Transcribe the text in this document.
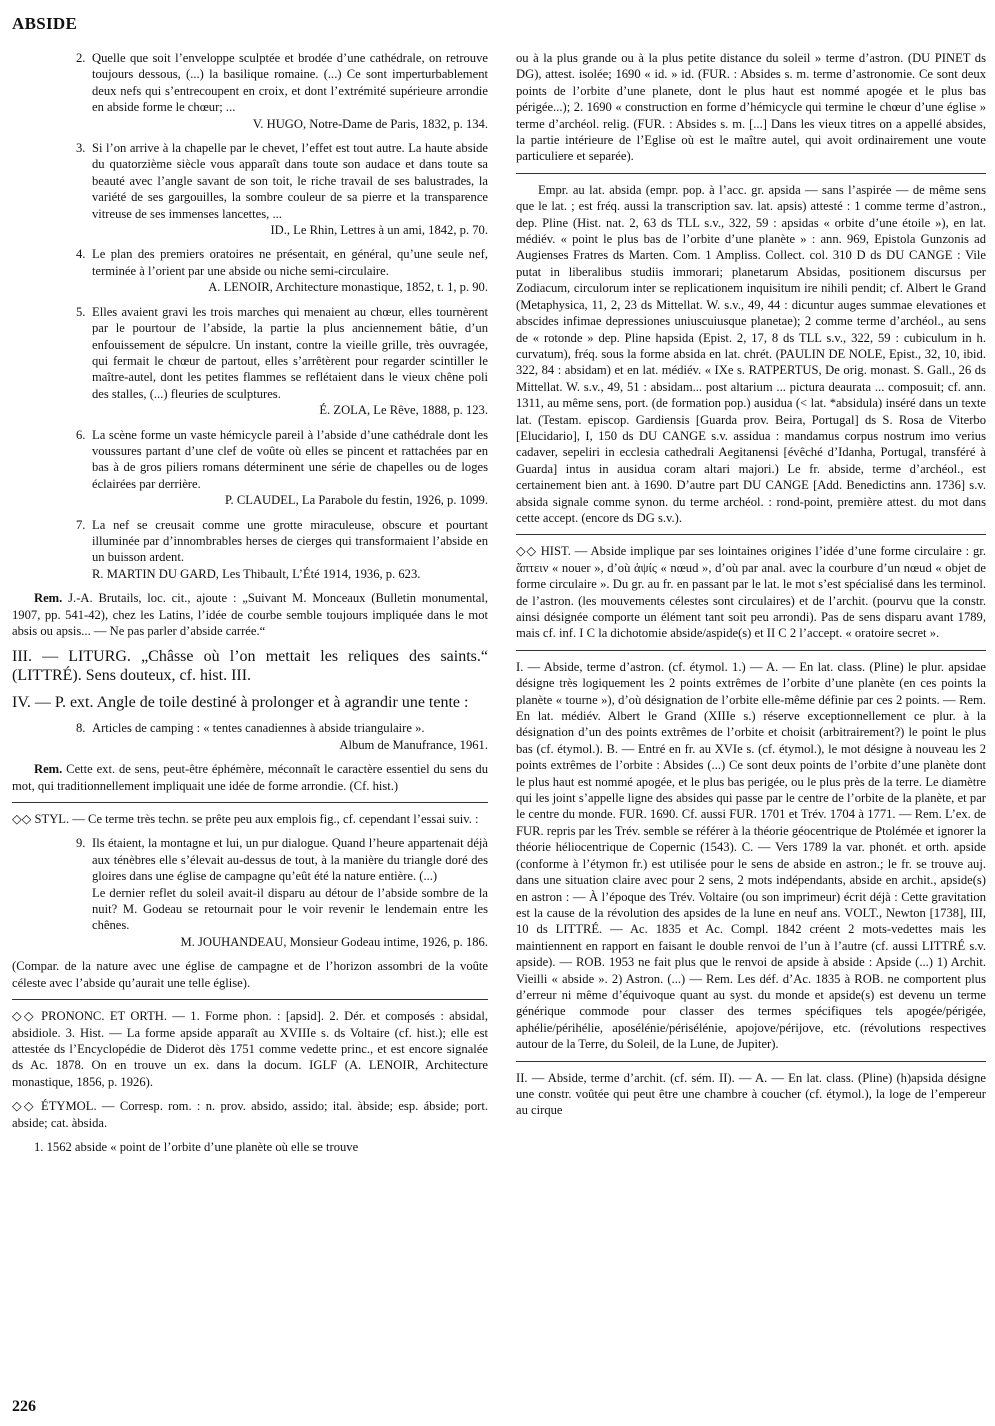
ABSIDE
2. Quelle que soit l’enveloppe sculptée et brodée d’une cathédrale, on retrouve toujours dessous, (...) la basilique romaine. (...) Ce sont imperturbablement deux nefs qui s’entrecoupent en croix, et dont l’extrémité supérieure arrondie en abside forme le chœur; ...

V. HUGO, Notre-Dame de Paris, 1832, p. 134.

3. Si l’on arrive à la chapelle par le chevet, l’effet est tout autre. La haute abside du quatorzième siècle vous apparaît dans toute son audace et dans toute sa beauté avec l’angle savant de son toit, le riche travail de ses balustrades, la variété de ses gargouilles, la sombre couleur de sa pierre et la transparence vitreuse de ses immenses lancettes, ...

ID., Le Rhin, Lettres à un ami, 1842, p. 70.

4. Le plan des premiers oratoires ne présentait, en général, qu’une seule nef, terminée à l’orient par une abside ou niche semi-circulaire.

A. LENOIR, Architecture monastique, 1852, t. 1, p. 90.

5. Elles avaient gravi les trois marches qui menaient au chœur, elles tournèrent par le pourtour de l’abside, la partie la plus anciennement bâtie, d’un enfouissement de sépulcre. Un instant, contre la vieille grille, très ouvragée, qui fermait le chœur de partout, elles s’arrêtèrent pour regarder scintiller le maître-autel, dont les petites flammes se reflétaient dans le vieux chêne poli des stalles, (...) fleuries de sculptures.

É. ZOLA, Le Rêve, 1888, p. 123.

6. La scène forme un vaste hémicycle pareil à l’abside d’une cathédrale dont les voussures partant d’une clef de voûte où elles se pincent et rattachées par en bas à de gros piliers romans déterminent une série de chapelles ou de loges éclairées par derrière.

P. CLAUDEL, La Parabole du festin, 1926, p. 1099.

7. La nef se creusait comme une grotte miraculeuse, obscure et pourtant illuminée par d’innombrables herses de cierges qui transformaient l’abside en un buisson ardent.

R. MARTIN DU GARD, Les Thibault, L’Été 1914, 1936, p. 623.

Rem. J.-A. Brutails, loc. cit., ajoute : „Suivant M. Monceaux (Bulletin monumental, 1907, pp. 541-42), chez les Latins, l’idée de courbe semble toujours impliquée dans le mot absis ou apsis... — Ne pas parler d’abside carrée.“

III. — LITURG. „Châsse où l’on mettait les reliques des saints.“ (LITTRÉ). Sens douteux, cf. hist. III.

IV. — P. ext. Angle de toile destiné à prolonger et à agrandir une tente :

8. Articles de camping : « tentes canadiennes à abside triangulaire ».

Album de Manufrance, 1961.

Rem. Cette ext. de sens, peut-être éphémère, méconnaît le caractère essentiel du sens du mot, qui traditionnellement impliquait une idée de forme arrondie. (Cf. hist.)

◇◇ STYL. — Ce terme très techn. se prête peu aux emplois fig., cf. cependant l’essai suiv. :

9. Ils étaient, la montagne et lui, un pur dialogue. Quand l’heure appartenait déjà aux ténèbres elle s’élevait au-dessus de tout, à la manière du triangle doré des gloires dans une église de campagne qu’eût été la nature entière. (...)

Le dernier reflet du soleil avait-il disparu au détour de l’abside sombre de la nuit? M. Godeau se retournait pour le voir revenir le lendemain entre les chênes.

M. JOUHANDEAU, Monsieur Godeau intime, 1926, p. 186.

(Compar. de la nature avec une église de campagne et de l’horizon assombri de la voûte céleste avec l’abside qu’aurait une telle église).

◇◇ PRONONC. ET ORTH. — 1. Forme phon. : [apsid]. 2. Dér. et composés : absidal, absidiole. 3. Hist. — La forme apside apparaît au XVIIIe s. ds Voltaire (cf. hist.); elle est attestée ds l’Encyclopédie de Diderot dès 1751 comme vedette princ., et est encore signalée ds Ac. 1878. On en trouve un ex. dans la docum. IGLF (A. LENOIR, Architecture monastique, 1856, p. 1926).

◇◇ ÉTYMOL. — Corresp. rom. : n. prov. absido, assido; ital. àbside; esp. ábside; port. abside; cat. àbsida.

1. 1562 abside « point de l’orbite d’une planète où elle se trouve

ou à la plus grande ou à la plus petite distance du soleil » terme d’astron. (DU PINET ds DG), attest. isolée; 1690 « id. » id. (FUR. : Absides s. m. terme d’astronomie. Ce sont deux points de l’orbite d’une planete, dont le plus haut est nommé apogée et le plus bas périgée...); 2. 1690 « construction en forme d’hémicycle qui termine le chœur d’une église » terme d’archéol. relig. (FUR. : Absides s. m. [...] Dans les vieux titres on a appellé absides, la partie intérieure de l’Eglise où est le maître autel, qui avoit ordinairement une voute particuliere et separée).

Empr. au lat. absida (empr. pop. à l’acc. gr. apsida — sans l’aspirée — de même sens que le lat. ; est fréq. aussi la transcription sav. lat. apsis) attesté : 1 comme terme d’astron., dep. Pline (Hist. nat. 2, 63 ds TLL s.v., 322, 59 : apsidas « orbite d’une étoile »), en lat. médiév. « point le plus bas de l’orbite d’une planète » : ann. 969, Epistola Gunzonis ad Augienses Fratres ds Marten. Com. 1 Ampliss. Collect. col. 310 D ds DU CANGE : Vile putat in liberalibus studiis immorari; planetarum Absidas, positionem discursus per Zodiacum, circulorum inter se replicationem inquisitum ire nihili pendit; cf. Albert le Grand (Metaphysica, 11, 2, 23 ds Mittellat. W. s.v., 49, 44 : dicuntur auges summae elevationes et abscides infimae depressiones uniuscuiusque planetae); 2 comme terme d’archéol., au sens de « rotonde » dep. Pline hapsida (Epist. 2, 17, 8 ds TLL s.v., 322, 59 : cubiculum in h. curvatum), fréq. sous la forme absida en lat. chrét. (PAULIN DE NOLE, Epist., 32, 10, ibid. 322, 84 : absidam) et en lat. médiév. « IXe s. RATPERTUS, De orig. monast. S. Gall., 26 ds Mittellat. W. s.v., 49, 51 : absidam... post altarium ... pictura deaurata ... composuit; cf. ann. 1311, au même sens, port. (de formation pop.) ausidua (< lat. *absidula) inséré dans un texte lat. (Testam. episcop. Gardiensis [Guarda prov. Beira, Portugal] ds S. Rosa de Viterbo [Elucidario], I, 150 ds DU CANGE s.v. assidua : mandamus corpus nostrum imo verius cadaver, sepeliri in ecclesia cathedrali Aegitanensi [évêché d’Idanha, Portugal, transféré à Guarda] intus in ausidua coram altari majori.) Le fr. abside, terme d’archéol., est certainement bien ant. à 1690. D’autre part DU CANGE [Add. Benedictins ann. 1736] s.v. absida signale comme synon. du terme archéol. : rond-point, première attest. du mot dans cette accept. (encore ds DG s.v.).

◇◇ HIST. — Abside implique par ses lointaines origines l’idée d’une forme circulaire : gr. ἅπτειν « nouer », d’où ἁψίς « nœud », d’où par anal. avec la courbure d’un nœud « objet de forme circulaire ». Du gr. au fr. en passant par le lat. le mot s’est spécialisé dans les terminol. de l’astron. (les mouvements célestes sont circulaires) et de l’archit. (pourvu que la constr. ainsi désignée comporte un élément tant soit peu arrondi). Pas de sens disparu avant 1789, mais cf. inf. I C la dichotomie abside/aspide(s) et II C 2 l’accept. « oratoire secret ».

I. — Abside, terme d’astron. (cf. étymol. 1.) — A. — En lat. class. (Pline) le plur. apsidae désigne très logiquement les 2 points extrêmes de l’orbite d’une planète (en ces points la planète « tourne »), d’où désignation de l’orbite elle-même définie par ces 2 points. — Rem. En lat. médiév. Albert le Grand (XIIIe s.) réserve exceptionnellement ce plur. à la désignation d’un des points extrêmes de l’orbite et choisit (arbitrairement?) le point le plus bas (cf. étymol.). B. — Entré en fr. au XVIe s. (cf. étymol.), le mot désigne à nouveau les 2 points extrêmes de l’orbite : Absides (...) Ce sont deux points de l’orbite d’une planète dont le plus haut est nommé apogée, et le plus bas perigée, ou le plus près de la terre. Le diamètre qui les joint s’appelle ligne des absides qui passe par le centre de l’orbite de la planète, et par le centre du monde. FUR. 1690. Cf. aussi FUR. 1701 et Trév. 1704 à 1771. — Rem. L’ex. de FUR. repris par les Trév. semble se référer à la théorie géocentrique de Ptolémée et ignorer la théorie héliocentrique de Copernic (1543). C. — Vers 1789 la var. phonét. et orth. apside (conforme à l’étymon fr.) est utilisée pour le sens de abside en astron.; le fr. se trouve auj. dans une situation claire avec pour 2 sens, 2 mots indépendants, abside en archit., apside(s) en astron : — À l’époque des Trév. Voltaire (ou son imprimeur) écrit déjà : Cette gravitation est la cause de la révolution des apsides de la lune en neuf ans. VOLT., Newton [1738], III, 10 ds LITTRÉ. — Ac. 1835 et Ac. Compl. 1842 créent 2 mots-vedettes mais les maintiennent en rapport en faisant le double renvoi de l’un à l’autre (cf. aussi LITTRÉ s.v. apside). — ROB. 1953 ne fait plus que le renvoi de apside à abside : Apside (...) 1) Archit. Vieilli « abside ». 2) Astron. (...) — Rem. Les déf. d’Ac. 1835 à ROB. ne comportent plus d’erreur ni même d’équivoque quant au syst. du monde et apside(s) est devenu un terme générique commode pour classer des termes spécifiques tels apogée/périgée, aphélie/périhélie, aposélénie/périsélénie, apojove/périjove, etc. (révolutions respectives autour de la Terre, du Soleil, de la Lune, de Jupiter).

II. — Abside, terme d’archit. (cf. sém. II). — A. — En lat. class. (Pline) (h)apsida désigne une constr. voûtée qui peut être une chambre à coucher (cf. étymol.), la loge de l’empereur au cirque

226
